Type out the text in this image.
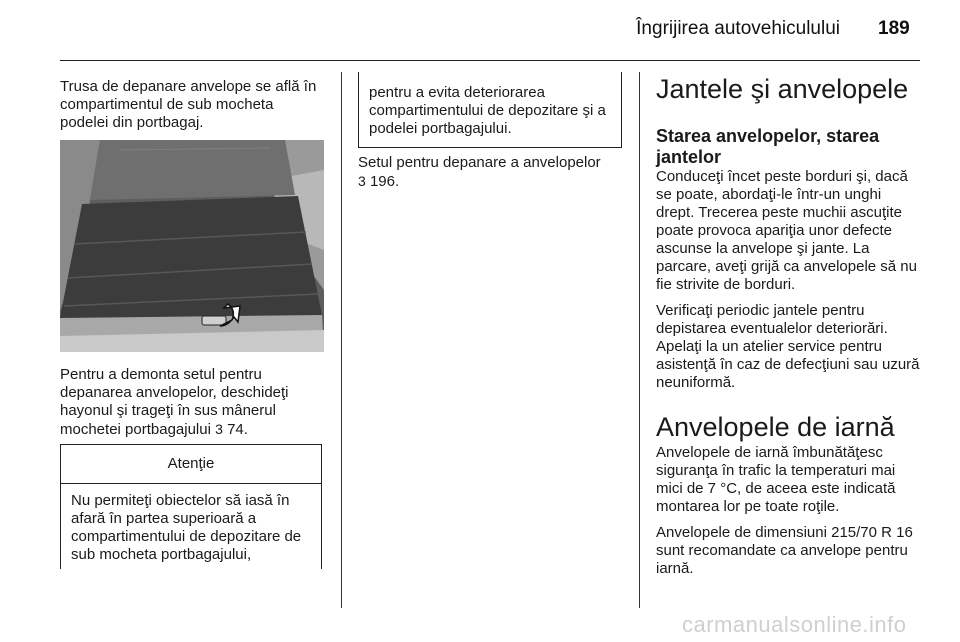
Îngrijirea autovehiculului 189

Trusa de depanare anvelope se află în compartimentul de sub mocheta podelei din portbagaj.

Pentru a demonta setul pentru depanarea anvelopelor, deschideţi hayonul şi trageţi în sus mânerul mochetei portbagajului 3 74.

Atenţie

Nu permiteţi obiectelor să iasă în afară în partea superioară a compartimentului de depozitare de sub mocheta portbagajului,

pentru a evita deteriorarea compartimentului de depozitare şi a podelei portbagajului.

Setul pentru depanare a anvelopelor
3 196.

Jantele şi anvelopele
Starea anvelopelor, starea jantelor

Conduceţi încet peste borduri şi, dacă se poate, abordaţi-le într-un unghi drept. Trecerea peste muchii ascuţite poate provoca apariţia unor defecte ascunse la anvelope şi jante. La parcare, aveţi grijă ca anvelopele să nu fie strivite de borduri.

Verificaţi periodic jantele pentru depistarea eventualelor deteriorări. Apelaţi la un atelier service pentru asistenţă în caz de defecţiuni sau uzură neuniformă.

Anvelopele de iarnă

Anvelopele de iarnă îmbunătăţesc siguranţa în trafic la temperaturi mai mici de 7 °C, de aceea este indicată montarea lor pe toate roţile.

Anvelopele de dimensiuni 215/70 R 16 sunt recomandate ca anvelope pentru iarnă.

carmanualsonline.info
